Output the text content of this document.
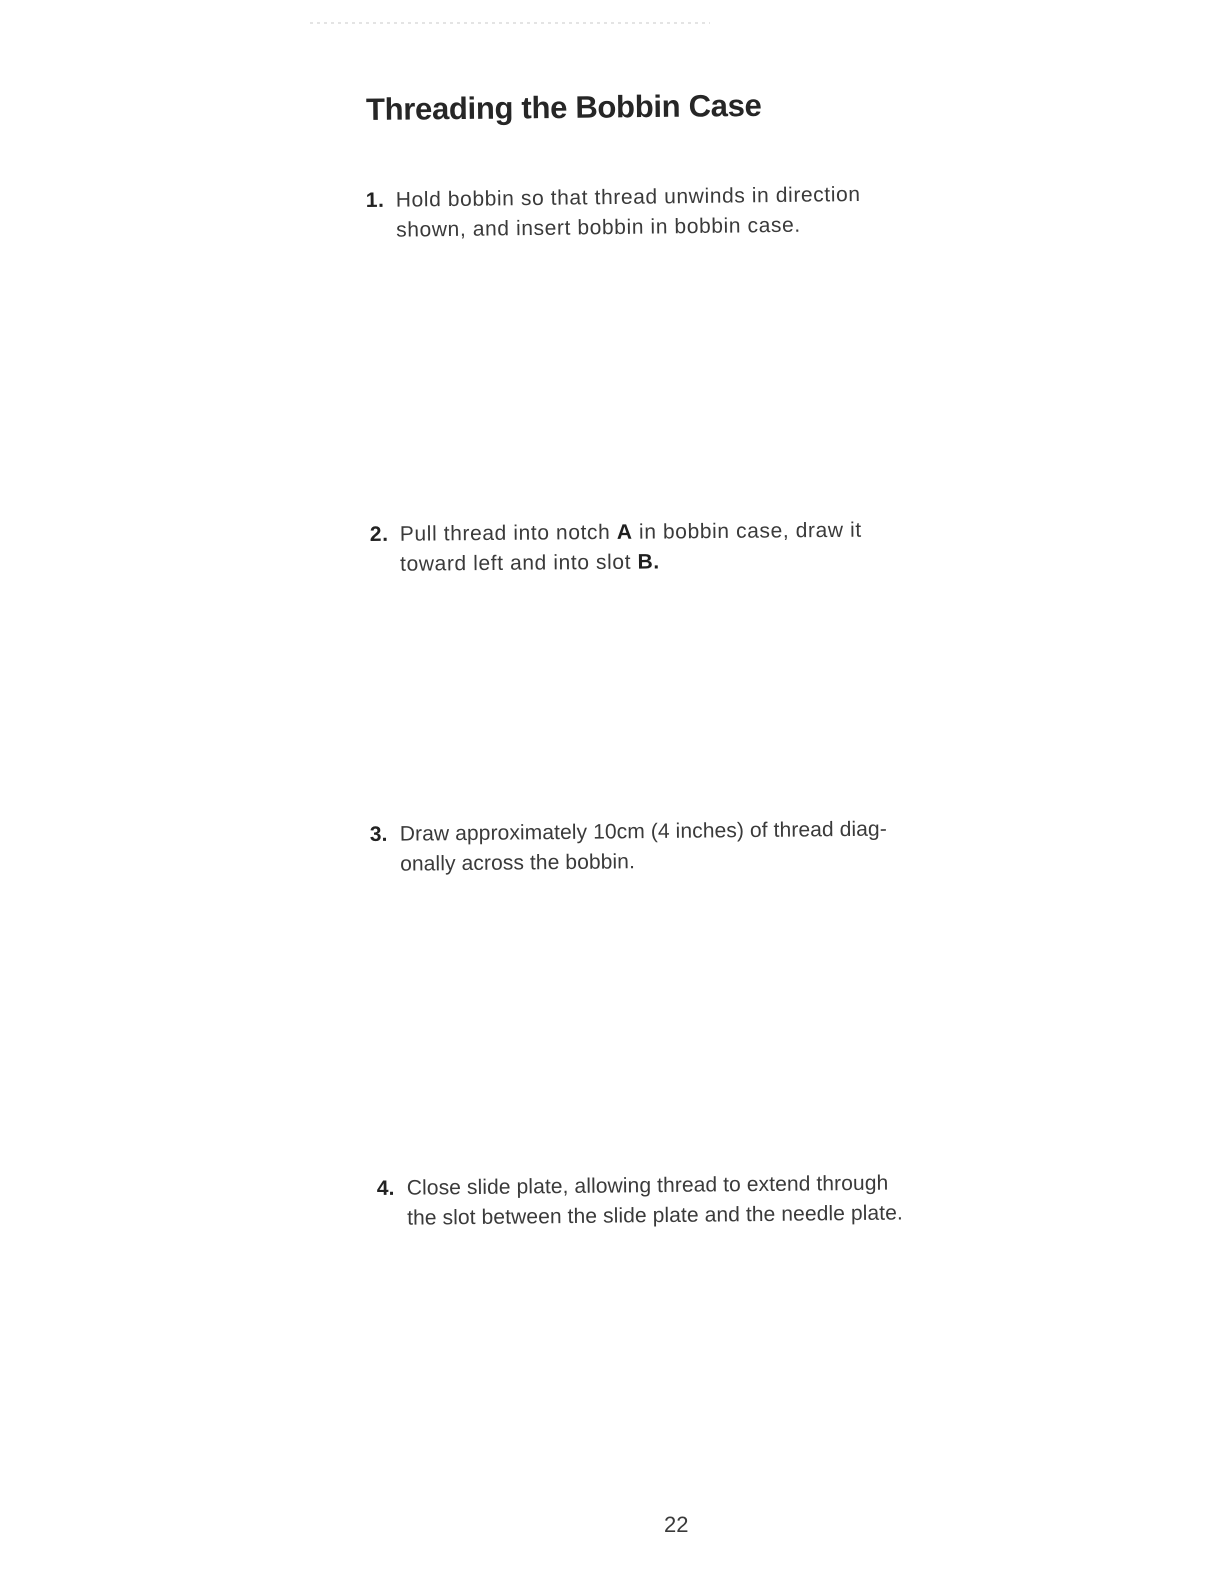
Threading the Bobbin Case
1. Hold bobbin so that thread unwinds in direction
shown, and insert bobbin in bobbin case.
2. Pull thread into notch A in bobbin case, draw it
toward left and into slot B.
3. Draw approximately 10cm (4 inches) of thread diag-
onally across the bobbin.
4. Close slide plate, allowing thread to extend through
the slot between the slide plate and the needle plate.
22
